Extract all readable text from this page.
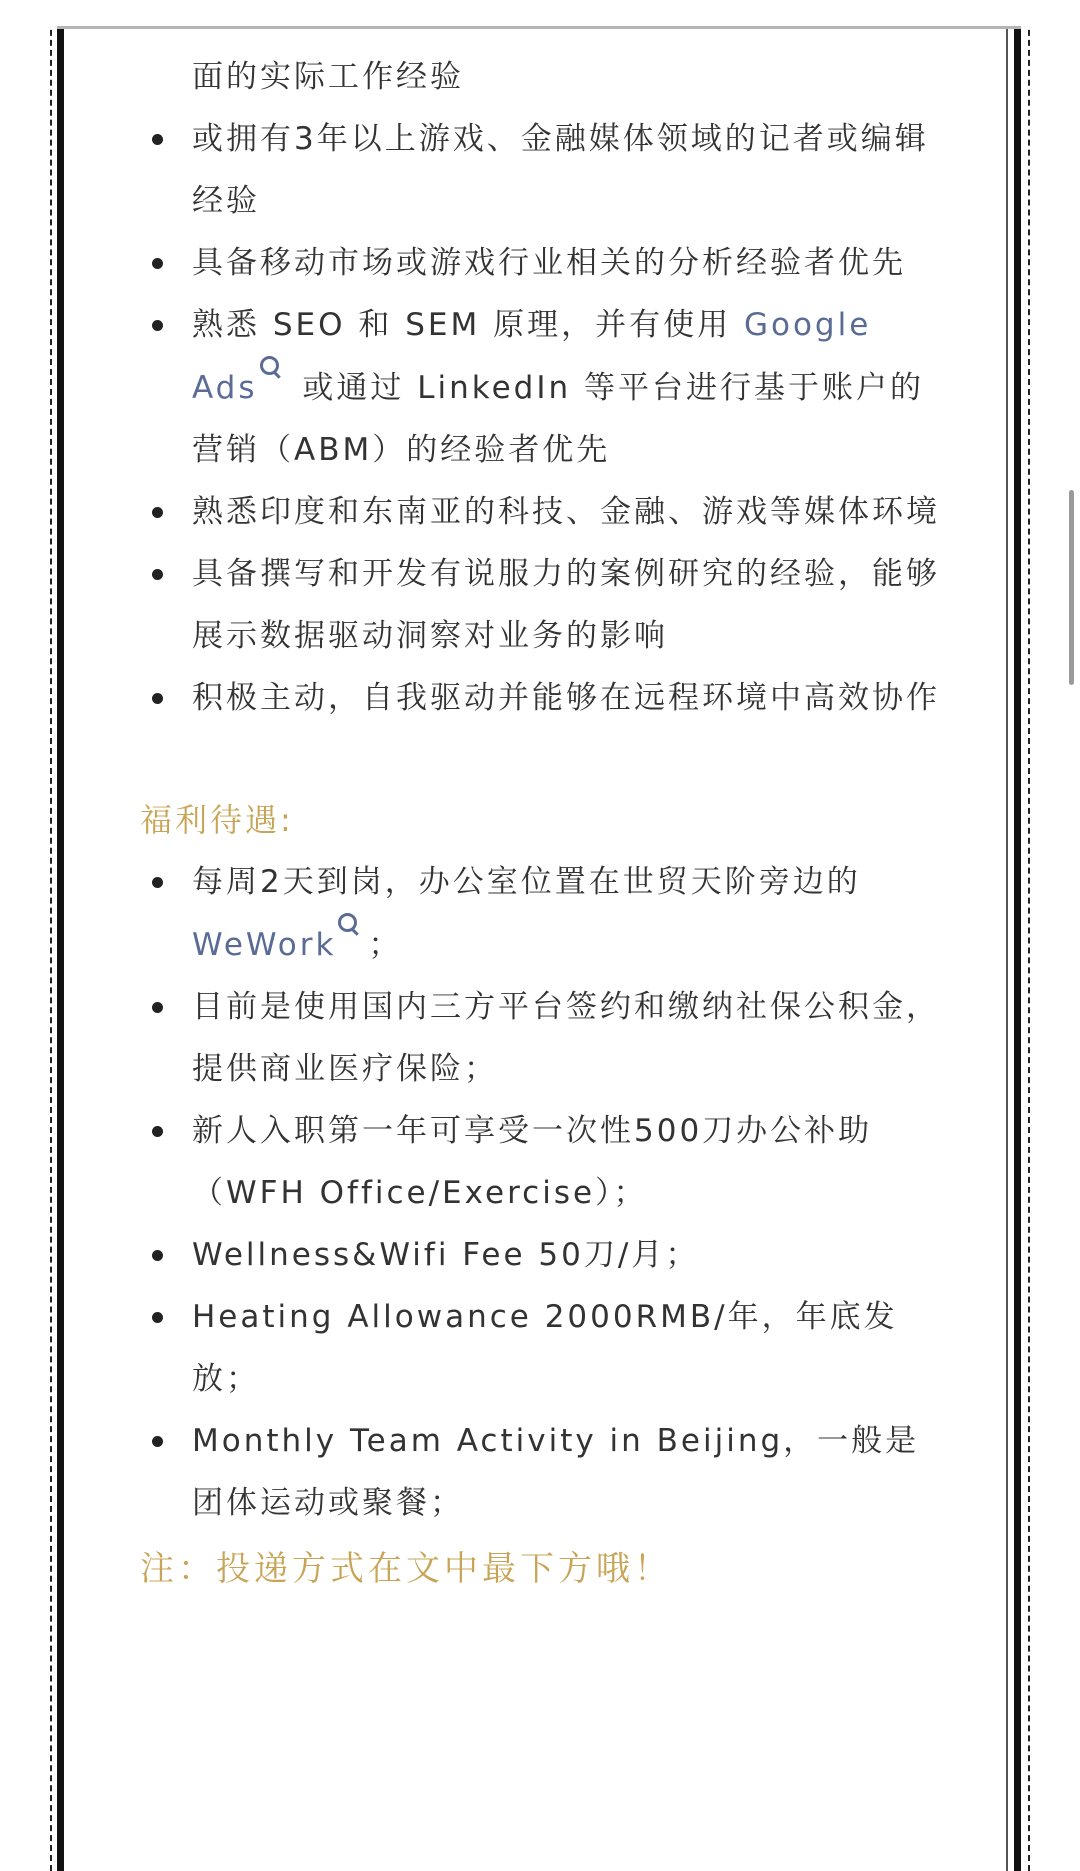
面的实际工作经验
或拥有3年以上游戏、金融媒体领域的记者或编辑经验
具备移动市场或游戏行业相关的分析经验者优先
熟悉 SEO 和 SEM 原理，并有使用 Google Ads
或通过 LinkedIn 等平台进行基于账户的营销（ABM）的经验者优先
熟悉印度和东南亚的科技、金融、游戏等媒体环境
具备撰写和开发有说服力的案例研究的经验，能够展示数据驱动洞察对业务的影响
积极主动，自我驱动并能够在远程环境中高效协作
福利待遇:
每周2天到岗，办公室位置在世贸天阶旁边的 WeWork ；
目前是使用国内三方平台签约和缴纳社保公积金，提供商业医疗保险；
新人入职第一年可享受一次性500刀办公补助（WFH Office/Exercise）；
Wellness&Wifi Fee 50刀/月；
Heating Allowance 2000RMB/年，年底发放；
Monthly Team Activity in Beijing，一般是团体运动或聚餐；
注：投递方式在文中最下方哦！
